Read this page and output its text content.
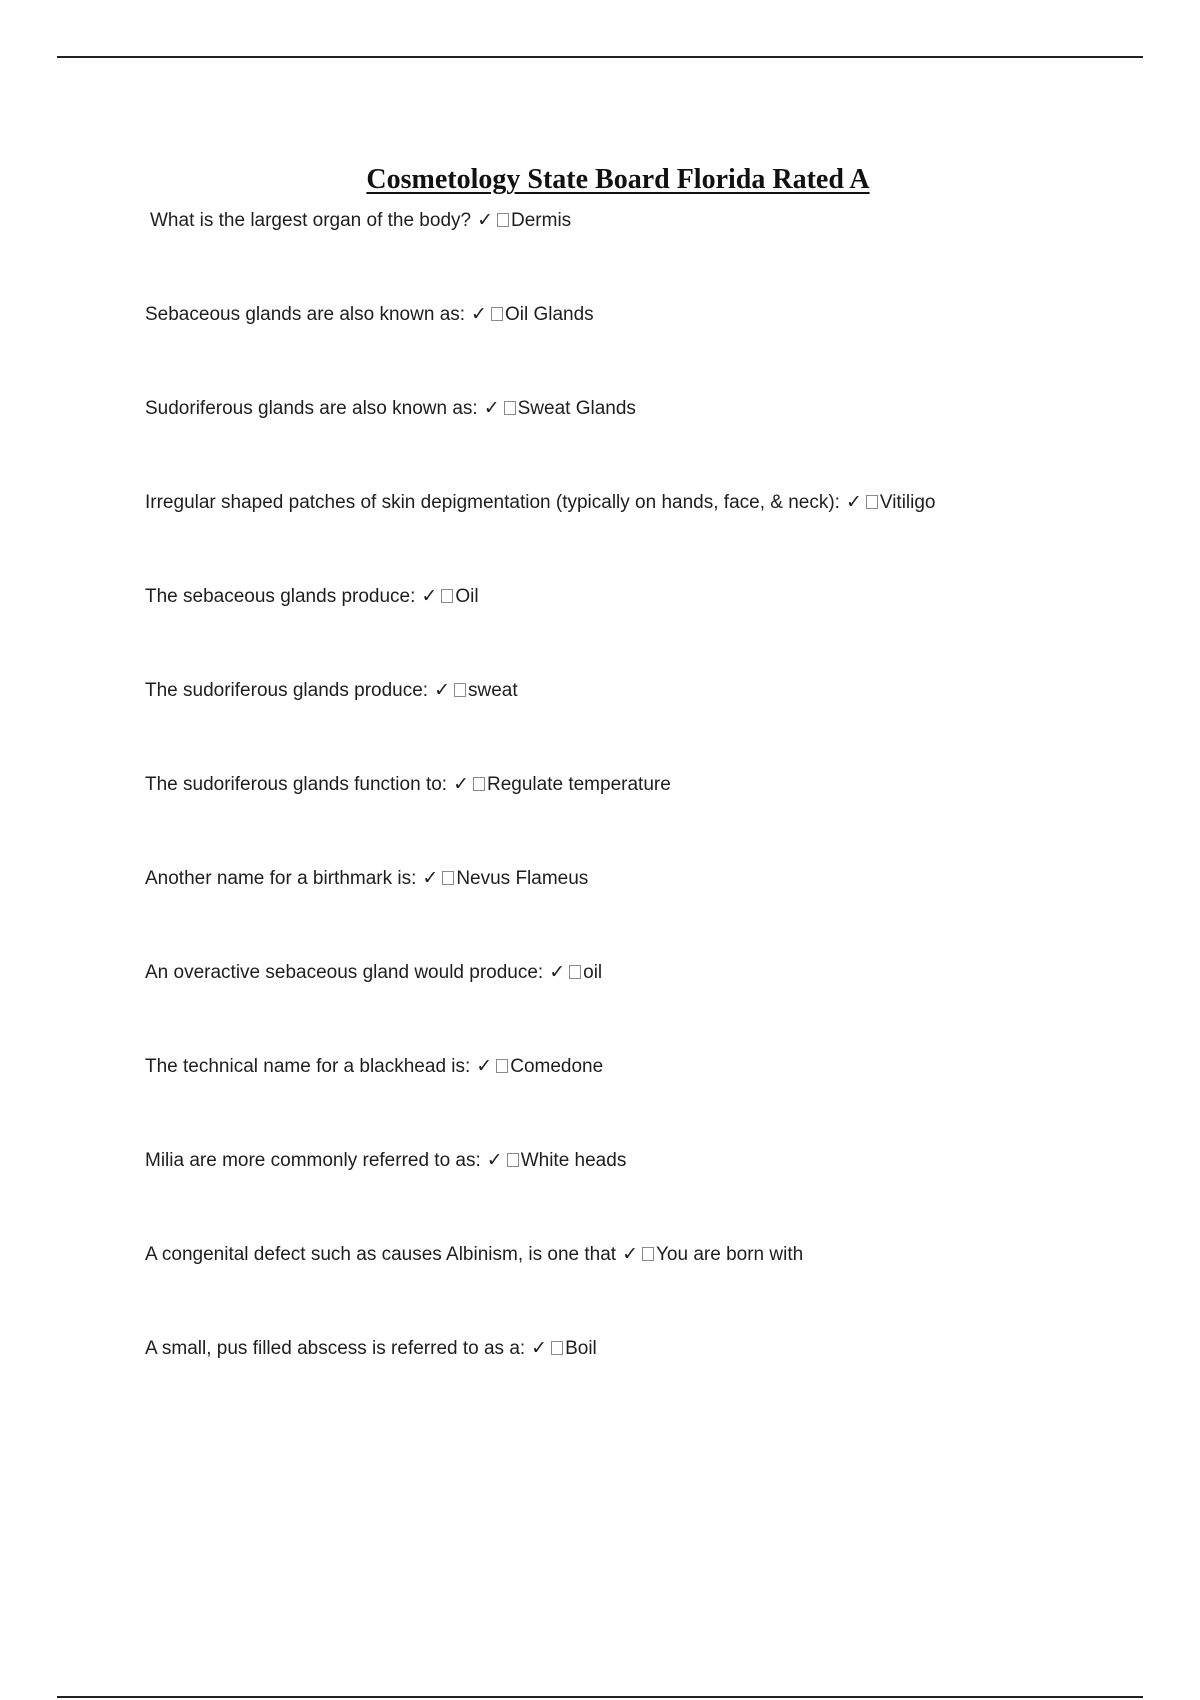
Cosmetology State Board Florida Rated A
What is the largest organ of the body? ✓ Dermis
Sebaceous glands are also known as: ✓ Oil Glands
Sudoriferous glands are also known as: ✓ Sweat Glands
Irregular shaped patches of skin depigmentation (typically on hands, face, & neck): ✓ Vitiligo
The sebaceous glands produce: ✓ Oil
The sudoriferous glands produce: ✓ sweat
The sudoriferous glands function to: ✓ Regulate temperature
Another name for a birthmark is: ✓ Nevus Flameus
An overactive sebaceous gland would produce: ✓ oil
The technical name for a blackhead is: ✓ Comedone
Milia are more commonly referred to as: ✓ White heads
A congenital defect such as causes Albinism, is one that ✓ You are born with
A small, pus filled abscess is referred to as a: ✓ Boil
